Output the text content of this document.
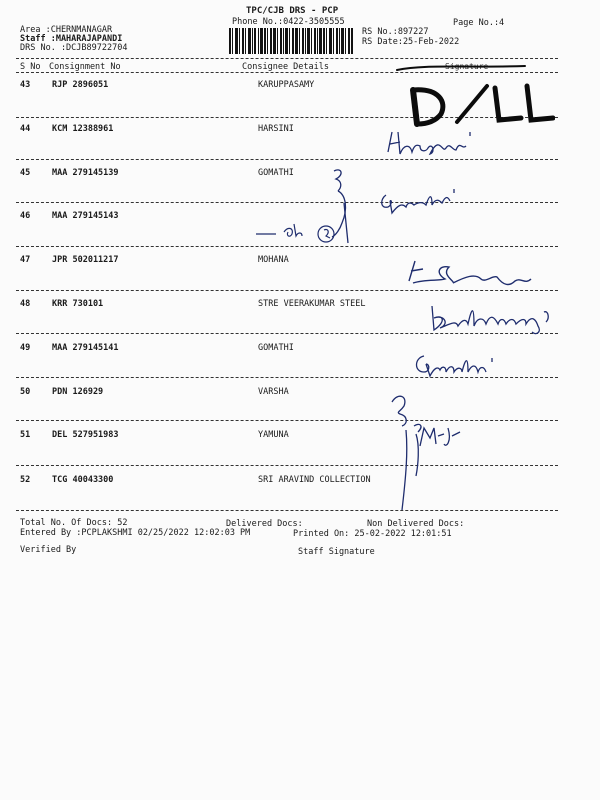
TPC/CJB DRS - PCP
Phone No.:0422-3505555
Area :CHERNMANAGAR
Staff :MAHARAJAPANDI
DRS No. :DCJB89722704
RS No.:897227
RS Date:25-Feb-2022
Page No.:4
S No Consignment No	Consignee Details	Signature
43	RJP 2896051	KARUPPASAMY
44	KCM 12388961	HARSINI
45	MAA 279145139	GOMATHI
46	MAA 279145143
47	JPR 502011217	MOHANA
48	KRR 730101	STRE VEERAKUMAR STEEL
49	MAA 279145141	GOMATHI
50	PDN 126929	VARSHA
51	DEL 527951983	YAMUNA
52	TCG 40043300	SRI ARAVIND COLLECTION
Total No. Of Docs: 52	Delivered Docs:	Non Delivered Docs:
Entered By :PCPLAKSHMI 02/25/2022 12:02:03 PM	Printed On: 25-02-2022 12:01:51
Verified By	Staff Signature
